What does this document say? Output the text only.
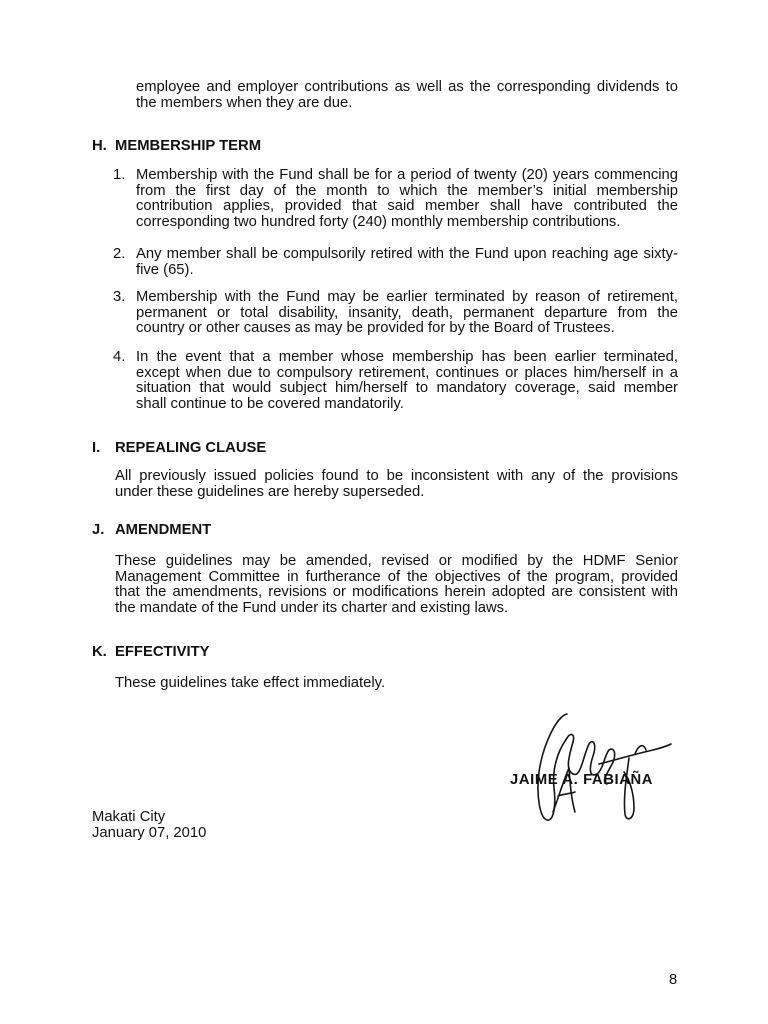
employee and employer contributions as well as the corresponding dividends to
the members when they are due.
H. MEMBERSHIP TERM
1. Membership with the Fund shall be for a period of twenty (20) years commencing
from the first day of the month to which the member’s initial membership
contribution applies, provided that said member shall have contributed the
corresponding two hundred forty (240) monthly membership contributions.
2. Any member shall be compulsorily retired with the Fund upon reaching age sixty-
five (65).
3. Membership with the Fund may be earlier terminated by reason of retirement,
permanent or total disability, insanity, death, permanent departure from the
country or other causes as may be provided for by the Board of Trustees.
4. In the event that a member whose membership has been earlier terminated,
except when due to compulsory retirement, continues or places him/herself in a
situation that would subject him/herself to mandatory coverage, said member
shall continue to be covered mandatorily.
I. REPEALING CLAUSE
All previously issued policies found to be inconsistent with any of the provisions
under these guidelines are hereby superseded.
J. AMENDMENT
These guidelines may be amended, revised or modified by the HDMF Senior
Management Committee in furtherance of the objectives of the program, provided
that the amendments, revisions or modifications herein adopted are consistent with
the mandate of the Fund under its charter and existing laws.
K. EFFECTIVITY
These guidelines take effect immediately.
JAIME A. FABIAÑA
Makati City
January 07, 2010
8
